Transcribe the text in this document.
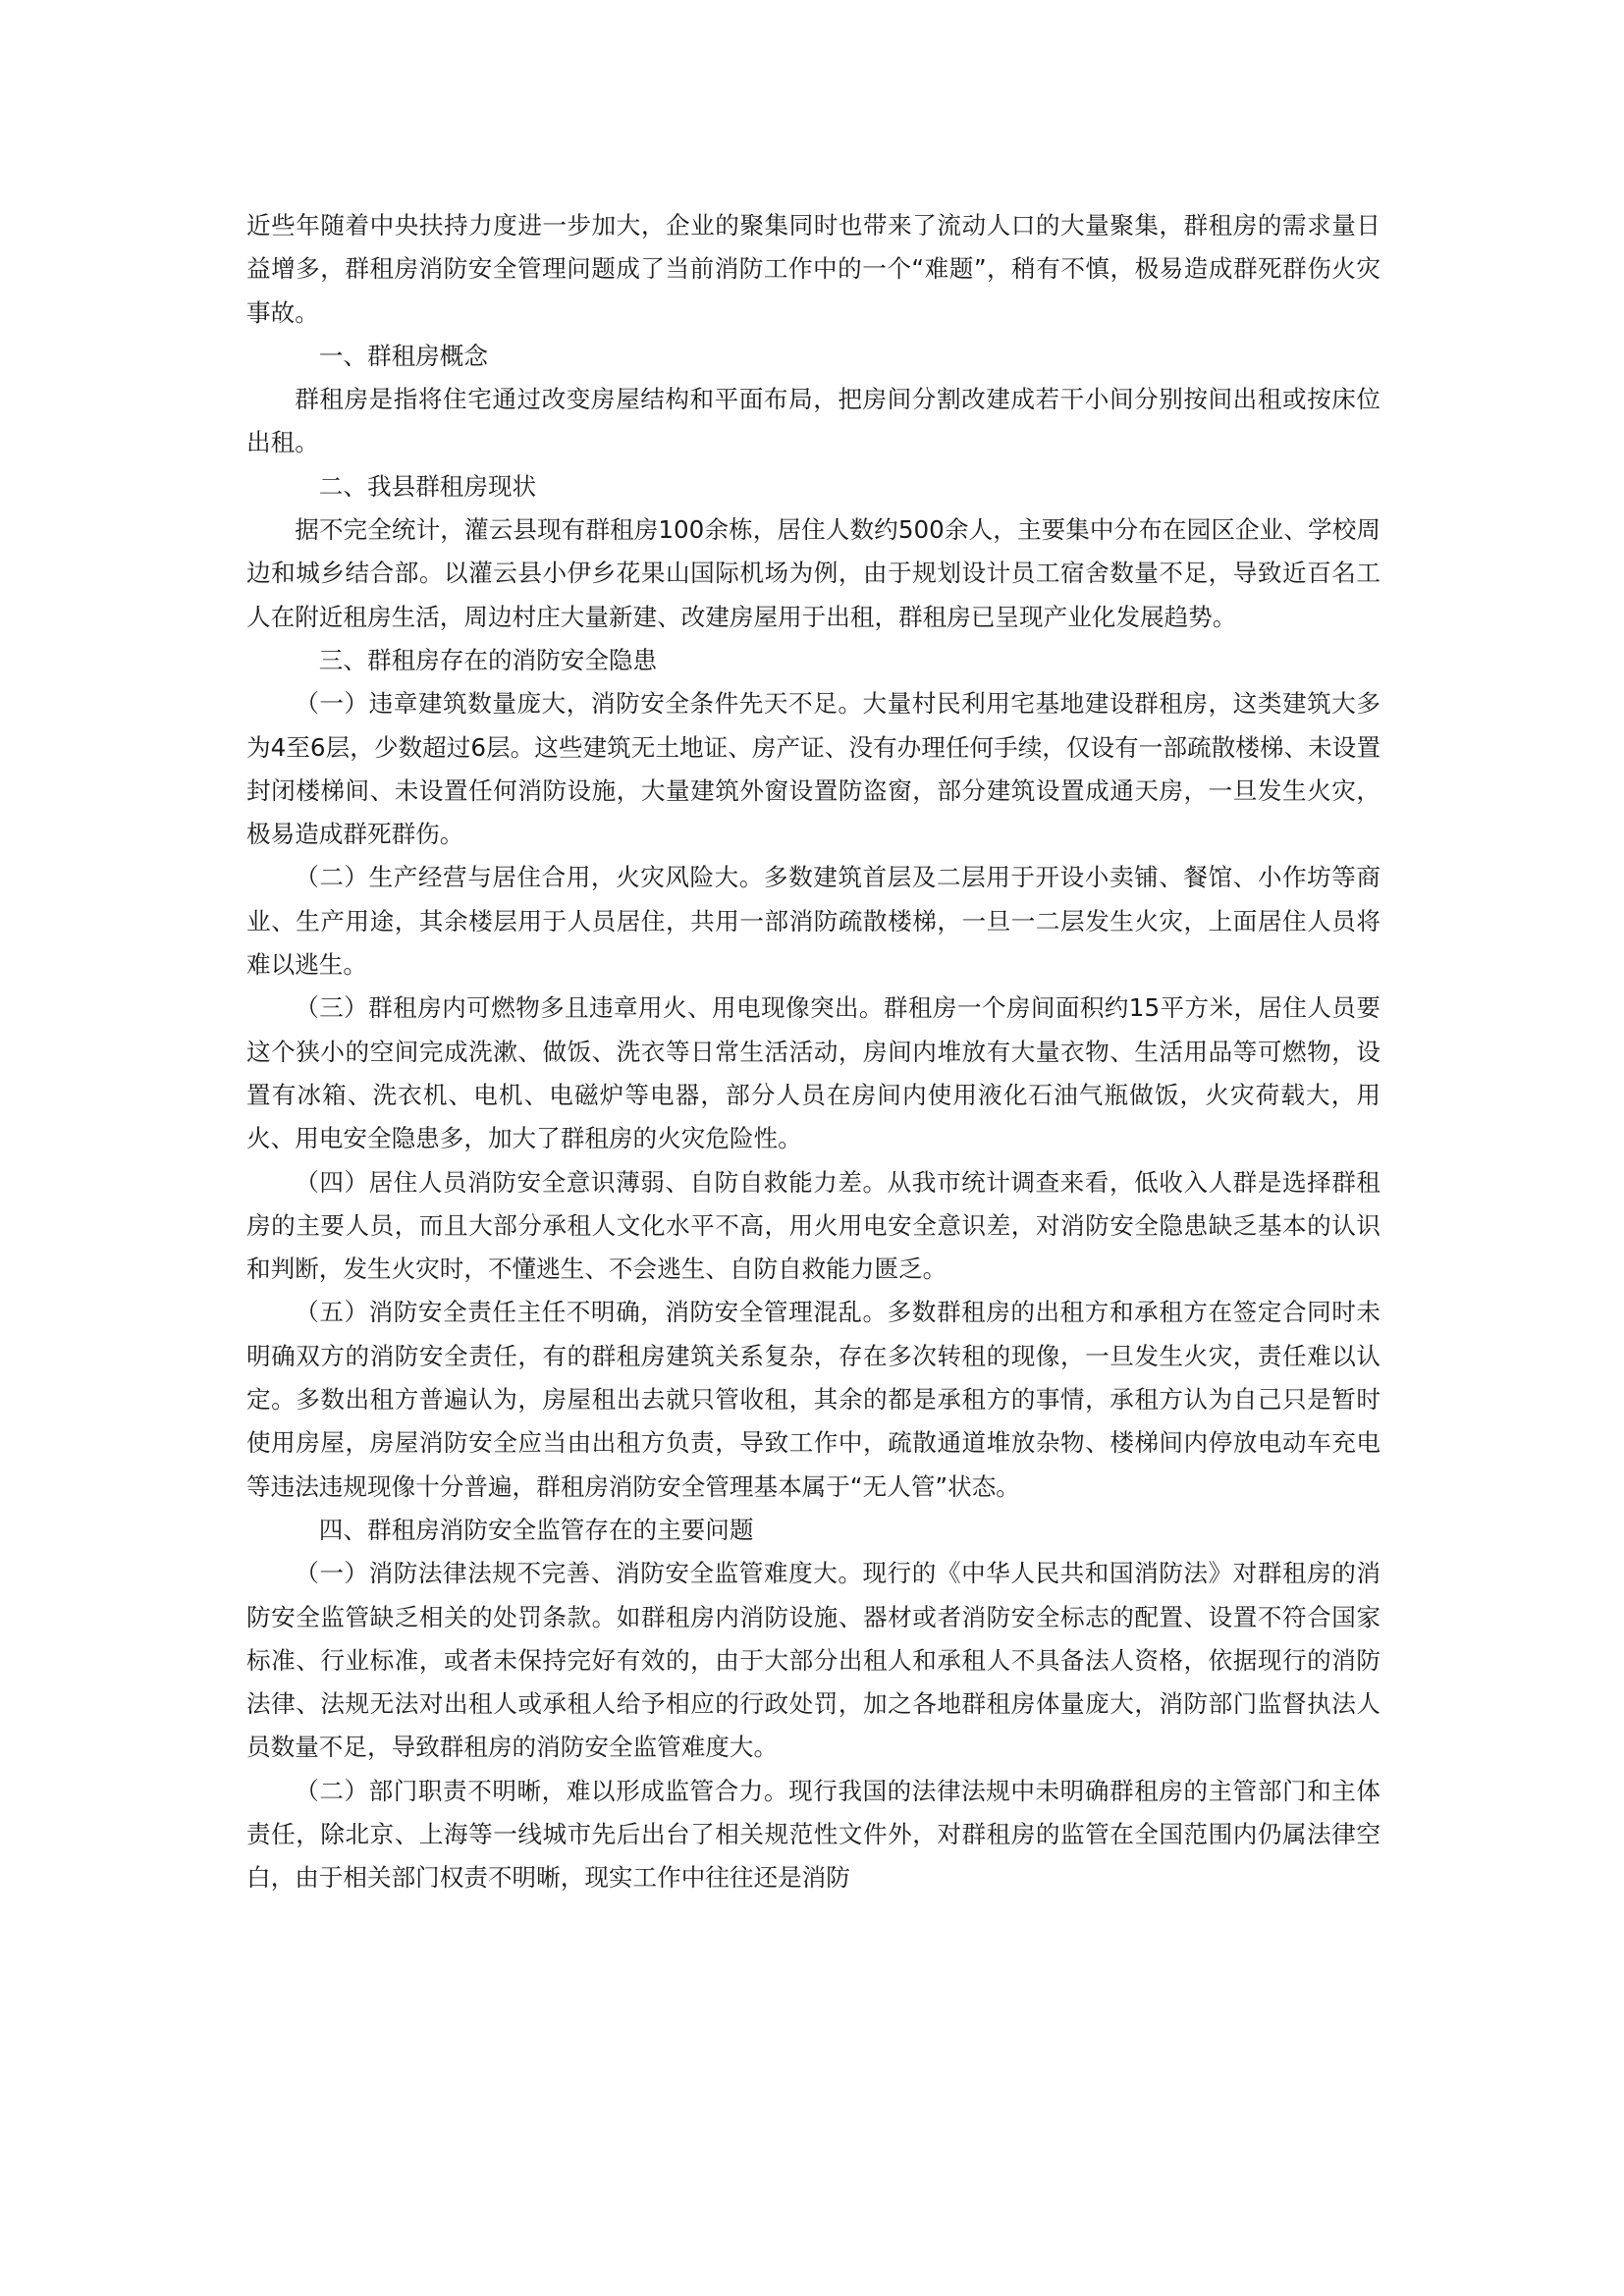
近些年随着中央扶持力度进一步加大，企业的聚集同时也带来了流动人口的大量聚集，群租房的需求量日益增多，群租房消防安全管理问题成了当前消防工作中的一个“难题”，稍有不慎，极易造成群死群伤火灾事故。

一、群租房概念

群租房是指将住宅通过改变房屋结构和平面布局，把房间分割改建成若干小间分别按间出租或按床位出租。

二、我县群租房现状

据不完全统计，灌云县现有群租房100余栋，居住人数约500余人，主要集中分布在园区企业、学校周边和城乡结合部。以灌云县小伊乡花果山国际机场为例，由于规划设计员工宿舍数量不足，导致近百名工人在附近租房生活，周边村庄大量新建、改建房屋用于出租，群租房已呈现产业化发展趋势。

三、群租房存在的消防安全隐患

（一）违章建筑数量庞大，消防安全条件先天不足。大量村民利用宅基地建设群租房，这类建筑大多为4至6层，少数超过6层。这些建筑无土地证、房产证、没有办理任何手续，仅设有一部疏散楼梯、未设置封闭楼梯间、未设置任何消防设施，大量建筑外窗设置防盗窗，部分建筑设置成通天房，一旦发生火灾，极易造成群死群伤。

（二）生产经营与居住合用，火灾风险大。多数建筑首层及二层用于开设小卖铺、餐馆、小作坊等商业、生产用途，其余楼层用于人员居住，共用一部消防疏散楼梯，一旦一二层发生火灾，上面居住人员将难以逃生。

（三）群租房内可燃物多且违章用火、用电现像突出。群租房一个房间面积约15平方米，居住人员要这个狭小的空间完成洗漱、做饭、洗衣等日常生活活动，房间内堆放有大量衣物、生活用品等可燃物，设置有冰箱、洗衣机、电机、电磁炉等电器，部分人员在房间内使用液化石油气瓶做饭，火灾荷载大，用火、用电安全隐患多，加大了群租房的火灾危险性。

（四）居住人员消防安全意识薄弱、自防自救能力差。从我市统计调查来看，低收入人群是选择群租房的主要人员，而且大部分承租人文化水平不高，用火用电安全意识差，对消防安全隐患缺乏基本的认识和判断，发生火灾时，不懂逃生、不会逃生、自防自救能力匮乏。

（五）消防安全责任主任不明确，消防安全管理混乱。多数群租房的出租方和承租方在签定合同时未明确双方的消防安全责任，有的群租房建筑关系复杂，存在多次转租的现像，一旦发生火灾，责任难以认定。多数出租方普遍认为，房屋租出去就只管收租，其余的都是承租方的事情，承租方认为自己只是暂时使用房屋，房屋消防安全应当由出租方负责，导致工作中，疏散通道堆放杂物、楼梯间内停放电动车充电等违法违规现像十分普遍，群租房消防安全管理基本属于“无人管”状态。

四、群租房消防安全监管存在的主要问题

（一）消防法律法规不完善、消防安全监管难度大。现行的《中华人民共和国消防法》对群租房的消防安全监管缺乏相关的处罚条款。如群租房内消防设施、器材或者消防安全标志的配置、设置不符合国家标准、行业标准，或者未保持完好有效的，由于大部分出租人和承租人不具备法人资格，依据现行的消防法律、法规无法对出租人或承租人给予相应的行政处罚，加之各地群租房体量庞大，消防部门监督执法人员数量不足，导致群租房的消防安全监管难度大。

（二）部门职责不明晰，难以形成监管合力。现行我国的法律法规中未明确群租房的主管部门和主体责任，除北京、上海等一线城市先后出台了相关规范性文件外，对群租房的监管在全国范围内仍属法律空白，由于相关部门权责不明晰，现实工作中往往还是消防
